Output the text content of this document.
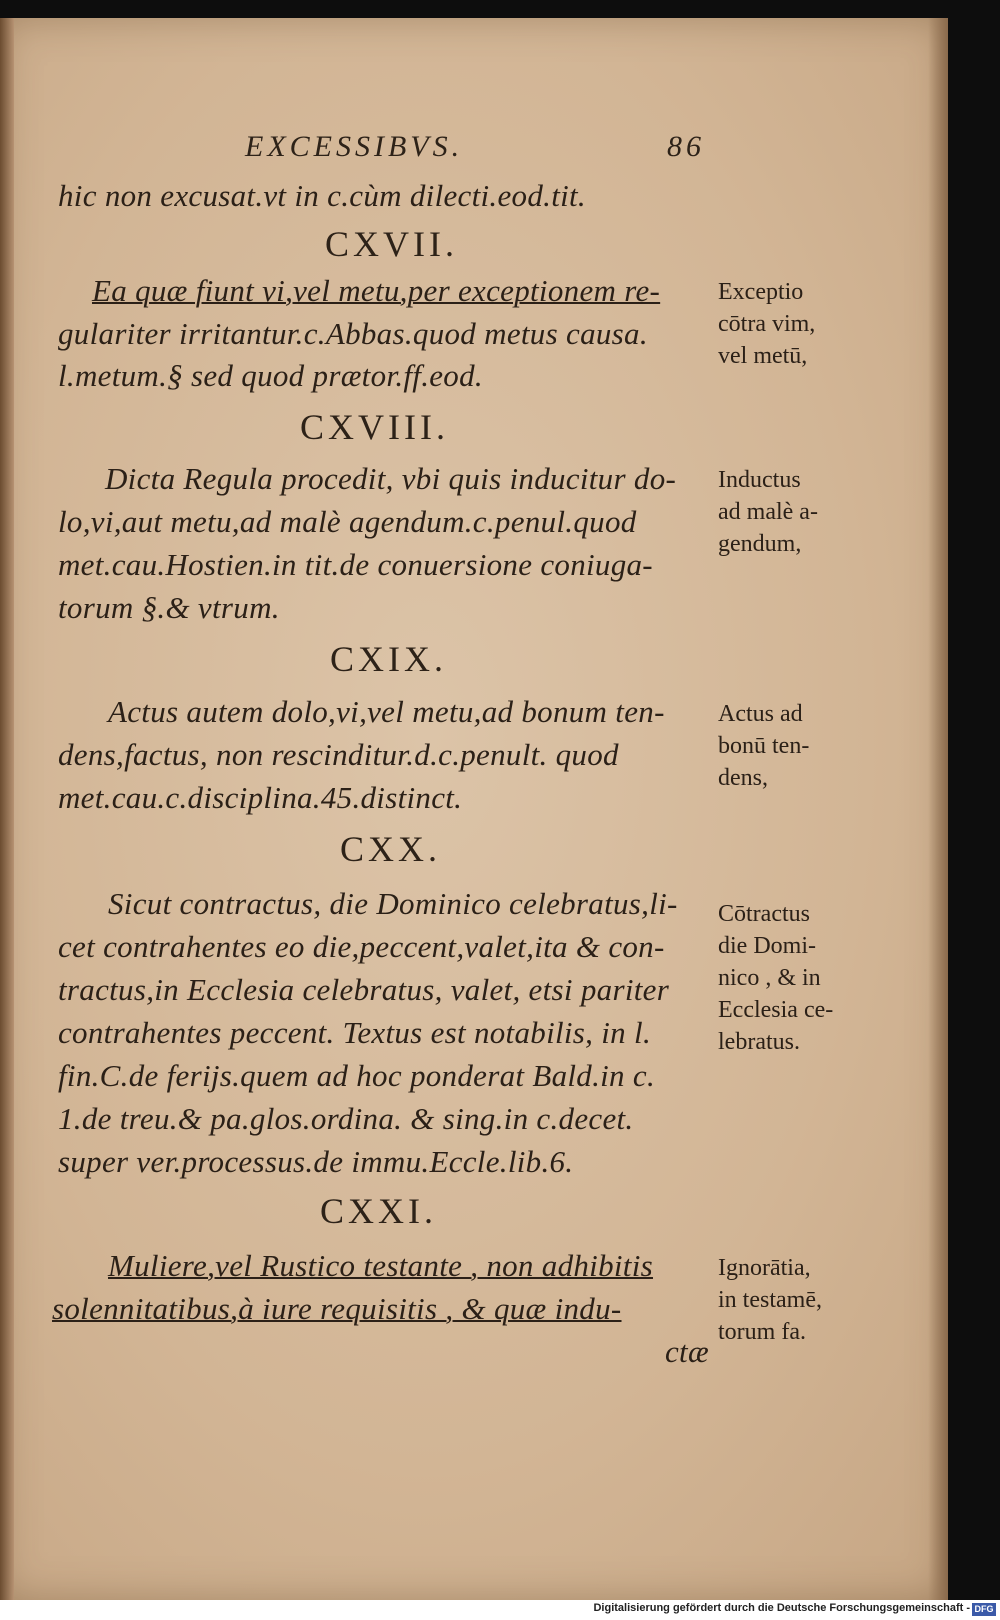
EXCESSIBVS.	86
hic non excusat.vt in c.cùm dilecti.eod.tit.
CXVII.
Ea quæ fiunt vi,vel metu,per exceptionem re-
gulariter irritantur.c.Abbas.quod metus causa.
l.metum.§ sed quod prætor.ff.eod.
Exceptio
cōtra vim,
vel metū,
CXVIII.
Dicta Regula procedit, vbi quis inducitur do-
lo,vi,aut metu,ad malè agendum.c.penul.quod
met.cau.Hostien.in tit.de conuersione coniuga-
torum §.& vtrum.
Inductus
ad malè a-
gendum,
CXIX.
Actus autem dolo,vi,vel metu,ad bonum ten-
dens,factus, non rescinditur.d.c.penult. quod
met.cau.c.disciplina.45.distinct.
Actus ad
bonū ten-
dens,
CXX.
Sicut contractus, die Dominico celebratus,li-
cet contrahentes eo die,peccent,valet,ita & con-
tractus,in Ecclesia celebratus, valet, etsi pariter
contrahentes peccent. Textus est notabilis, in l.
fin.C.de ferijs.quem ad hoc ponderat Bald.in c.
1.de treu.& pa.glos.ordina. & sing.in c.decet.
super ver.processus.de immu.Eccle.lib.6.
Cōtractus
die Domi-
nico , & in
Ecclesia ce-
lebratus.
CXXI.
Muliere,vel Rustico testante , non adhibitis
solennitatibus,à iure requisitis , & quæ indu-
ctæ
Ignorātia,
in testamē,
torum fa.
Digitalisierung gefördert durch die Deutsche Forschungsgemeinschaft - DFG
